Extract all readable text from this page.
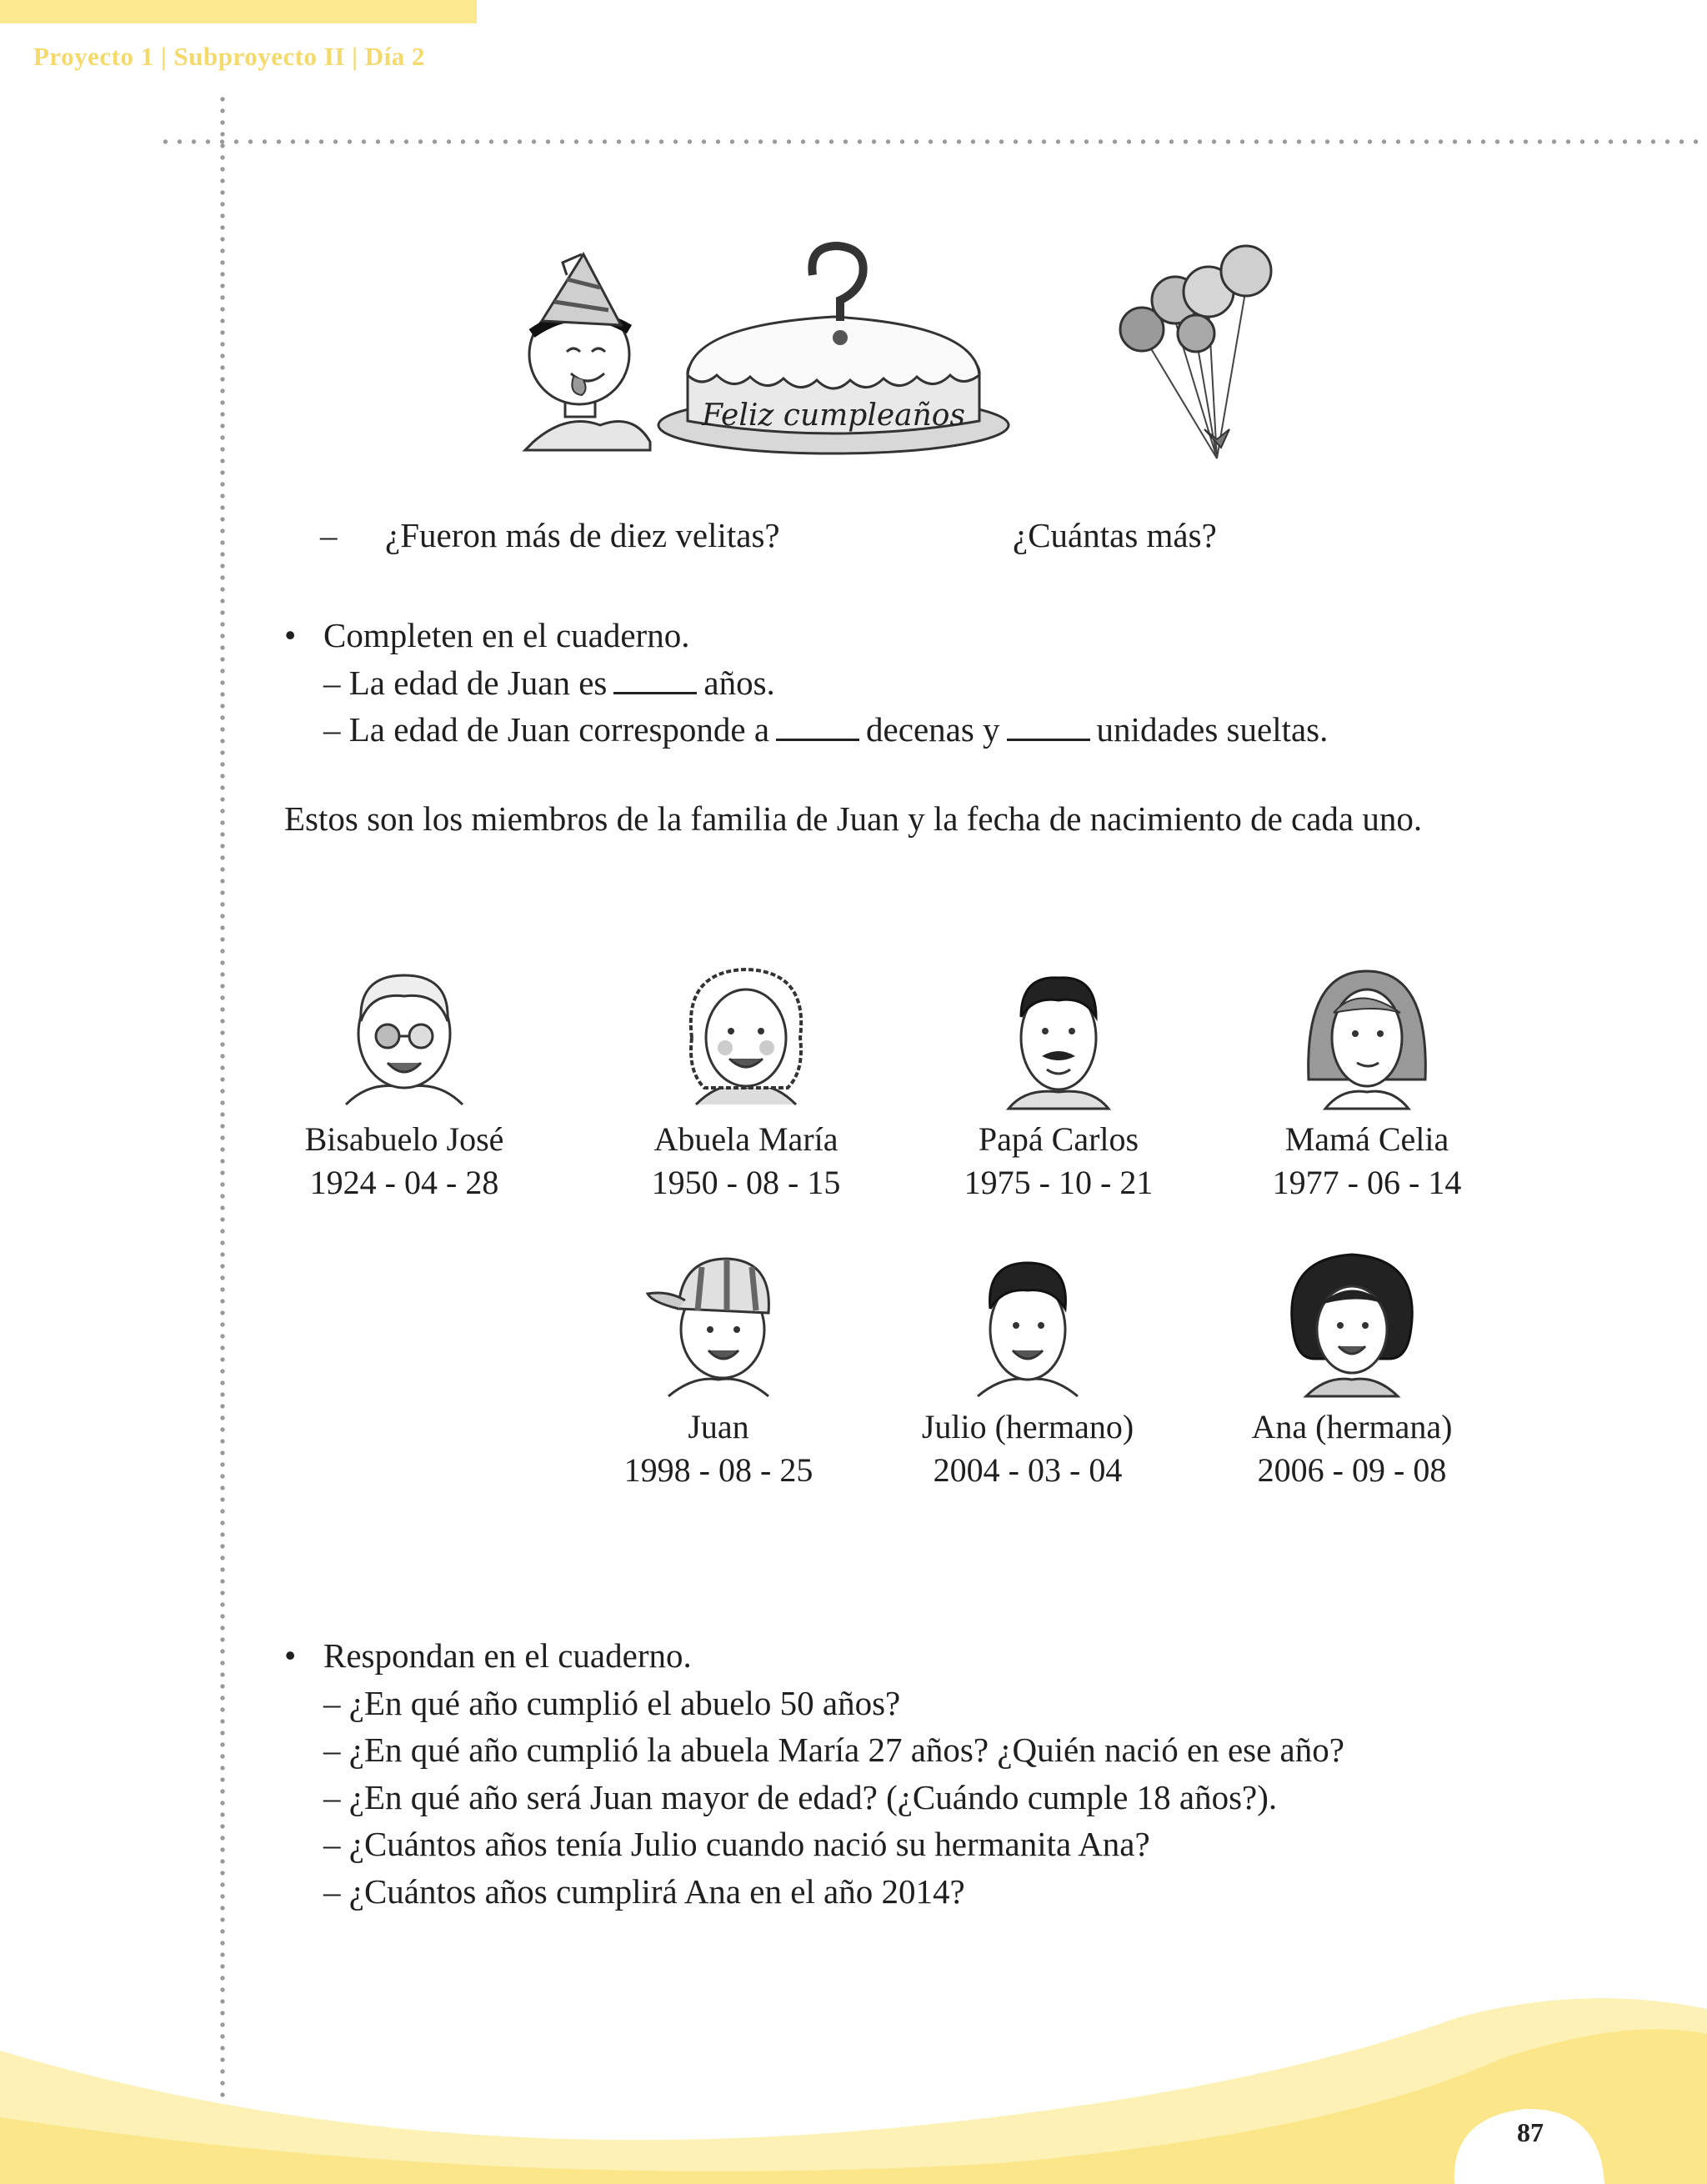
Proyecto 1 | Subproyecto II | Día 2
Feliz cumpleaños
– ¿Fueron más de diez velitas?	¿Cuántas más?
• Completen en el cuaderno.
– La edad de Juan es	años.
– La edad de Juan corresponde a	decenas y	unidades sueltas.
Estos son los miembros de la familia de Juan y la fecha de nacimiento de cada uno.
Bisabuelo José
1924 - 04 - 28
Abuela María
1950 - 08 - 15
Papá Carlos
1975 - 10 - 21
Mamá Celia
1977 - 06 - 14
Juan
1998 - 08 - 25
Julio (hermano)
2004 - 03 - 04
Ana (hermana)
2006 - 09 - 08
• Respondan en el cuaderno.
– ¿En qué año cumplió el abuelo 50 años?
– ¿En qué año cumplió la abuela María 27 años? ¿Quién nació en ese año?
– ¿En qué año será Juan mayor de edad? (¿Cuándo cumple 18 años?).
– ¿Cuántos años tenía Julio cuando nació su hermanita Ana?
– ¿Cuántos años cumplirá Ana en el año 2014?
87
